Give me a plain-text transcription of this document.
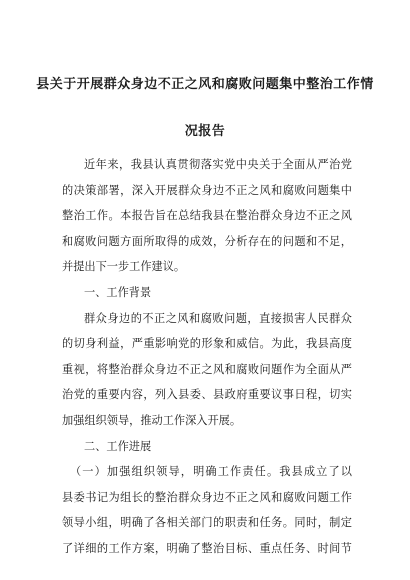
县关于开展群众身边不正之风和腐败问题集中整治工作情
况报告
近年来，我县认真贯彻落实党中央关于全面从严治党
的决策部署，深入开展群众身边不正之风和腐败问题集中
整治工作。本报告旨在总结我县在整治群众身边不正之风
和腐败问题方面所取得的成效，分析存在的问题和不足，
并提出下一步工作建议。
一、工作背景
群众身边的不正之风和腐败问题，直接损害人民群众
的切身利益，严重影响党的形象和威信。为此，我县高度
重视，将整治群众身边不正之风和腐败问题作为全面从严
治党的重要内容，列入县委、县政府重要议事日程，切实
加强组织领导，推动工作深入开展。
二、工作进展
（一）加强组织领导，明确工作责任。我县成立了以
县委书记为组长的整治群众身边不正之风和腐败问题工作
领导小组，明确了各相关部门的职责和任务。同时，制定
了详细的工作方案，明确了整治目标、重点任务、时间节
